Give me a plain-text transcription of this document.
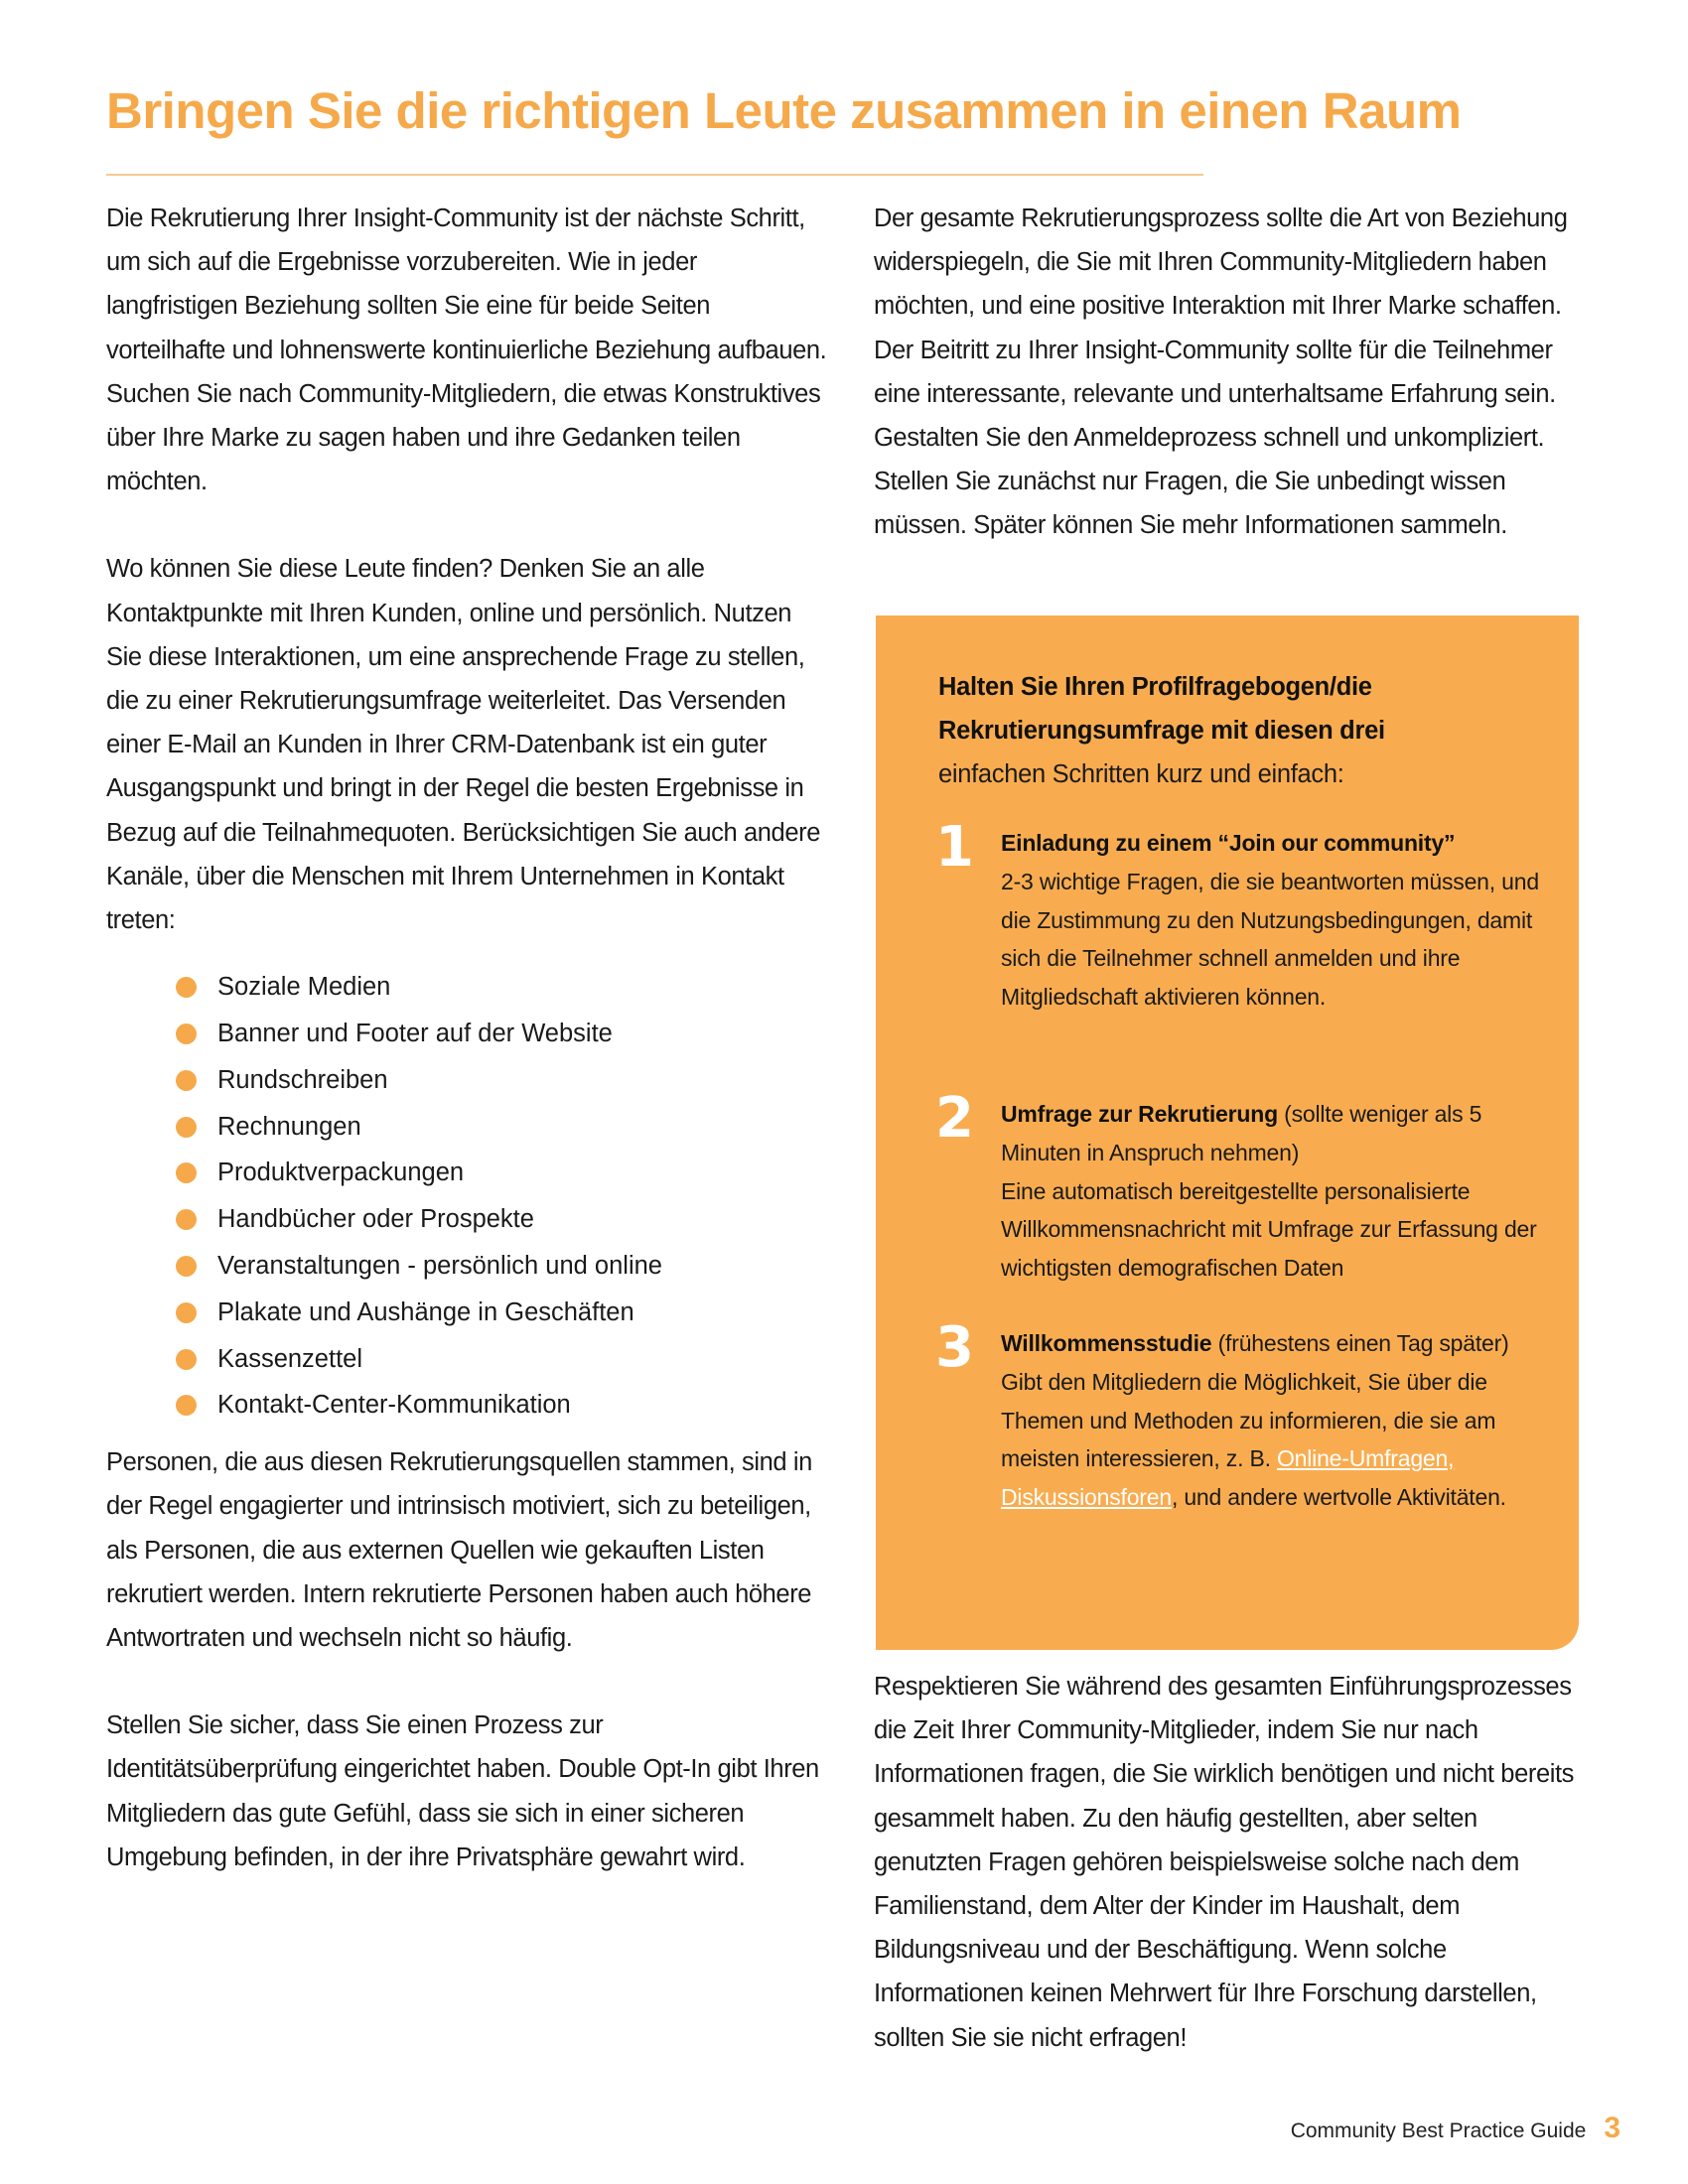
Bringen Sie die richtigen Leute zusammen in einen Raum

Die Rekrutierung Ihrer Insight-Community ist der nächste Schritt, um sich auf die Ergebnisse vorzubereiten. Wie in jeder langfristigen Beziehung sollten Sie eine für beide Seiten vorteilhafte und lohnenswerte kontinuierliche Beziehung aufbauen. Suchen Sie nach Community-Mitgliedern, die etwas Konstruktives über Ihre Marke zu sagen haben und ihre Gedanken teilen möchten.

Wo können Sie diese Leute finden? Denken Sie an alle Kontaktpunkte mit Ihren Kunden, online und persönlich. Nutzen Sie diese Interaktionen, um eine ansprechende Frage zu stellen, die zu einer Rekrutierungsumfrage weiterleitet. Das Versenden einer E-Mail an Kunden in Ihrer CRM-Datenbank ist ein guter Ausgangspunkt und bringt in der Regel die besten Ergebnisse in Bezug auf die Teilnahmequoten. Berücksichtigen Sie auch andere Kanäle, über die Menschen mit Ihrem Unternehmen in Kontakt treten:

Soziale Medien
Banner und Footer auf der Website
Rundschreiben
Rechnungen
Produktverpackungen
Handbücher oder Prospekte
Veranstaltungen - persönlich und online
Plakate und Aushänge in Geschäften
Kassenzettel
Kontakt-Center-Kommunikation

Personen, die aus diesen Rekrutierungsquellen stammen, sind in der Regel engagierter und intrinsisch motiviert, sich zu beteiligen, als Personen, die aus externen Quellen wie gekauften Listen rekrutiert werden. Intern rekrutierte Personen haben auch höhere Antwortraten und wechseln nicht so häufig.

Stellen Sie sicher, dass Sie einen Prozess zur Identitätsüberprüfung eingerichtet haben. Double Opt-In gibt Ihren Mitgliedern das gute Gefühl, dass sie sich in einer sicheren Umgebung befinden, in der ihre Privatsphäre gewahrt wird.

Der gesamte Rekrutierungsprozess sollte die Art von Beziehung widerspiegeln, die Sie mit Ihren Community-Mitgliedern haben möchten, und eine positive Interaktion mit Ihrer Marke schaffen. Der Beitritt zu Ihrer Insight-Community sollte für die Teilnehmer eine interessante, relevante und unterhaltsame Erfahrung sein. Gestalten Sie den Anmeldeprozess schnell und unkompliziert. Stellen Sie zunächst nur Fragen, die Sie unbedingt wissen müssen. Später können Sie mehr Informationen sammeln.

Halten Sie Ihren Profilfragebogen/die Rekrutierungsumfrage mit diesen drei
einfachen Schritten kurz und einfach:
1 Einladung zu einem “Join our community”
2-3 wichtige Fragen, die sie beantworten müssen, und die Zustimmung zu den Nutzungsbedingungen, damit sich die Teilnehmer schnell anmelden und ihre Mitgliedschaft aktivieren können.
2 Umfrage zur Rekrutierung (sollte weniger als 5 Minuten in Anspruch nehmen)
Eine automatisch bereitgestellte personalisierte Willkommensnachricht mit Umfrage zur Erfassung der wichtigsten demografischen Daten
3 Willkommensstudie (frühestens einen Tag später)
Gibt den Mitgliedern die Möglichkeit, Sie über die Themen und Methoden zu informieren, die sie am meisten interessieren, z. B. Online-Umfragen, Diskussionsforen, und andere wertvolle Aktivitäten.

Respektieren Sie während des gesamten Einführungsprozesses die Zeit Ihrer Community-Mitglieder, indem Sie nur nach Informationen fragen, die Sie wirklich benötigen und nicht bereits gesammelt haben. Zu den häufig gestellten, aber selten genutzten Fragen gehören beispielsweise solche nach dem Familienstand, dem Alter der Kinder im Haushalt, dem Bildungsniveau und der Beschäftigung. Wenn solche Informationen keinen Mehrwert für Ihre Forschung darstellen, sollten Sie sie nicht erfragen!

Community Best Practice Guide 3
